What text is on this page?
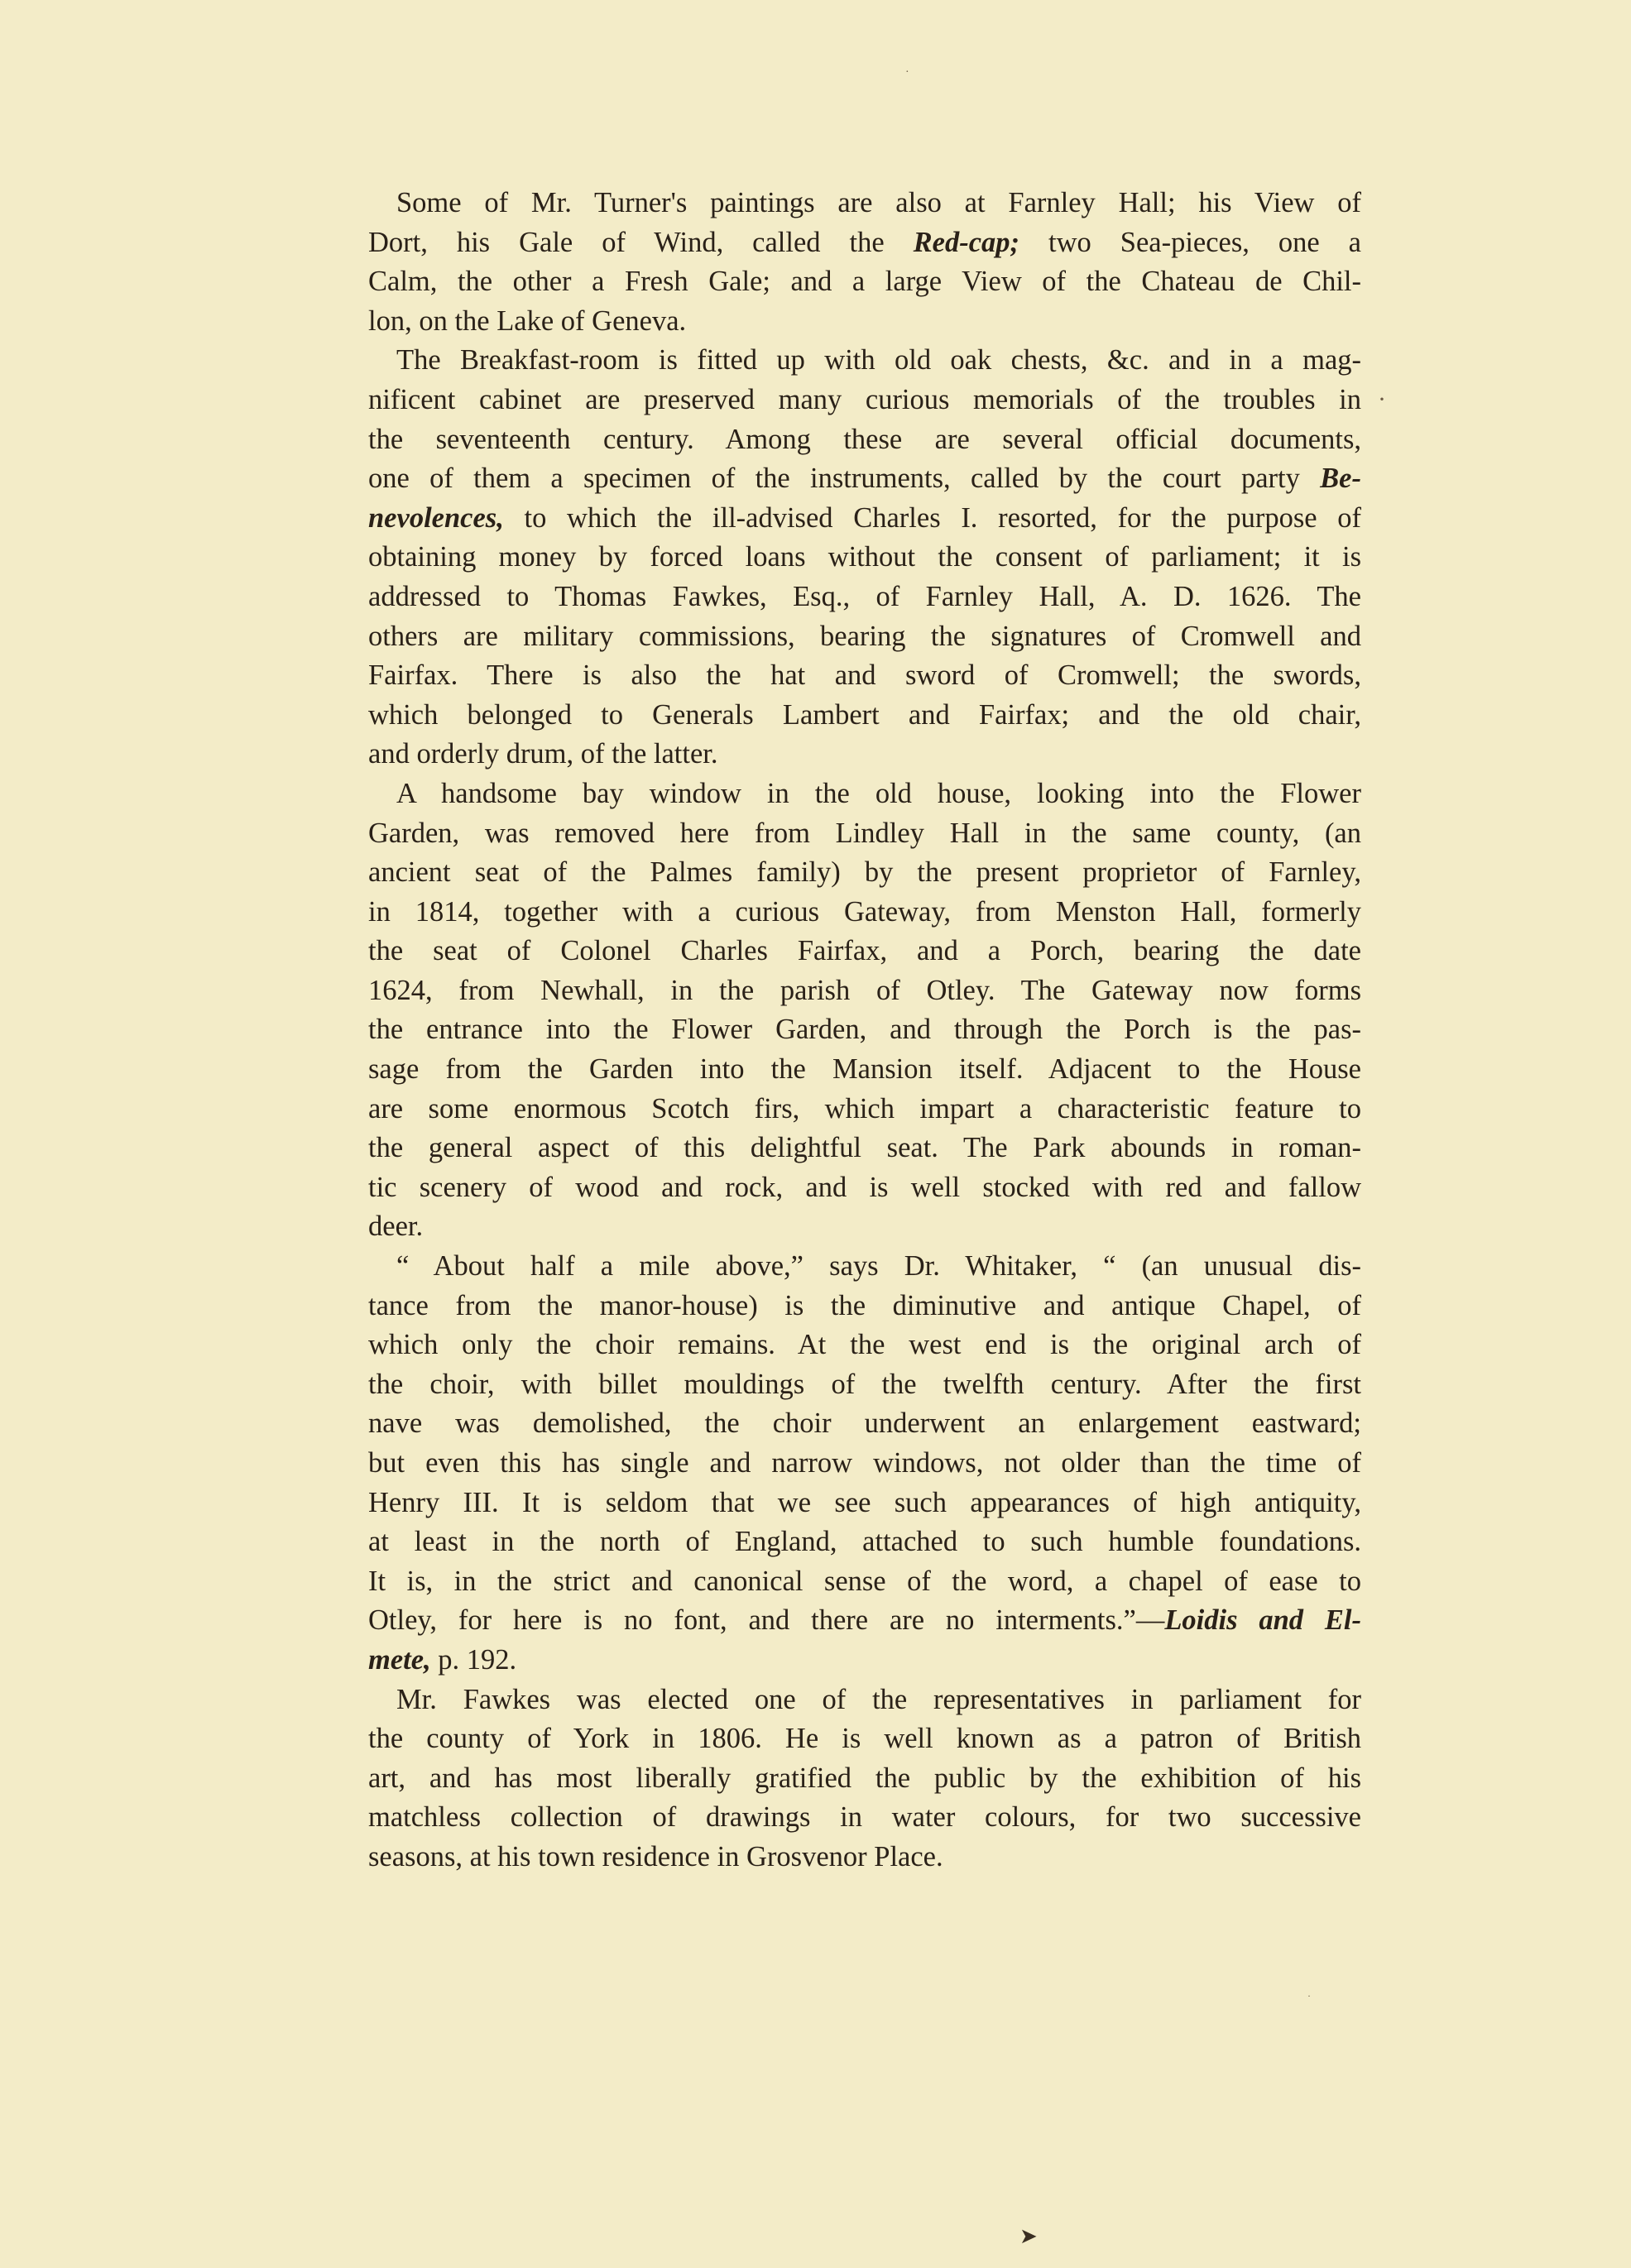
·
·
·
Some of Mr. Turner's paintings are also at Farnley Hall; his View of
Dort, his Gale of Wind, called the Red-cap; two Sea-pieces, one a
Calm, the other a Fresh Gale; and a large View of the Chateau de Chil-
lon, on the Lake of Geneva.
The Breakfast-room is fitted up with old oak chests, &c. and in a mag-
nificent cabinet are preserved many curious memorials of the troubles in
the seventeenth century. Among these are several official documents,
one of them a specimen of the instruments, called by the court party Be-
nevolences, to which the ill-advised Charles I. resorted, for the purpose of
obtaining money by forced loans without the consent of parliament; it is
addressed to Thomas Fawkes, Esq., of Farnley Hall, A. D. 1626. The
others are military commissions, bearing the signatures of Cromwell and
Fairfax. There is also the hat and sword of Cromwell; the swords,
which belonged to Generals Lambert and Fairfax; and the old chair,
and orderly drum, of the latter.
A handsome bay window in the old house, looking into the Flower
Garden, was removed here from Lindley Hall in the same county, (an
ancient seat of the Palmes family) by the present proprietor of Farnley,
in 1814, together with a curious Gateway, from Menston Hall, formerly
the seat of Colonel Charles Fairfax, and a Porch, bearing the date
1624, from Newhall, in the parish of Otley. The Gateway now forms
the entrance into the Flower Garden, and through the Porch is the pas-
sage from the Garden into the Mansion itself. Adjacent to the House
are some enormous Scotch firs, which impart a characteristic feature to
the general aspect of this delightful seat. The Park abounds in roman-
tic scenery of wood and rock, and is well stocked with red and fallow
deer.
“ About half a mile above,” says Dr. Whitaker, “ (an unusual dis-
tance from the manor-house) is the diminutive and antique Chapel, of
which only the choir remains. At the west end is the original arch of
the choir, with billet mouldings of the twelfth century. After the first
nave was demolished, the choir underwent an enlargement eastward;
but even this has single and narrow windows, not older than the time of
Henry III. It is seldom that we see such appearances of high antiquity,
at least in the north of England, attached to such humble foundations.
It is, in the strict and canonical sense of the word, a chapel of ease to
Otley, for here is no font, and there are no interments.”—Loidis and El-
mete, p. 192.
Mr. Fawkes was elected one of the representatives in parliament for
the county of York in 1806. He is well known as a patron of British
art, and has most liberally gratified the public by the exhibition of his
matchless collection of drawings in water colours, for two successive
seasons, at his town residence in Grosvenor Place.
➤
